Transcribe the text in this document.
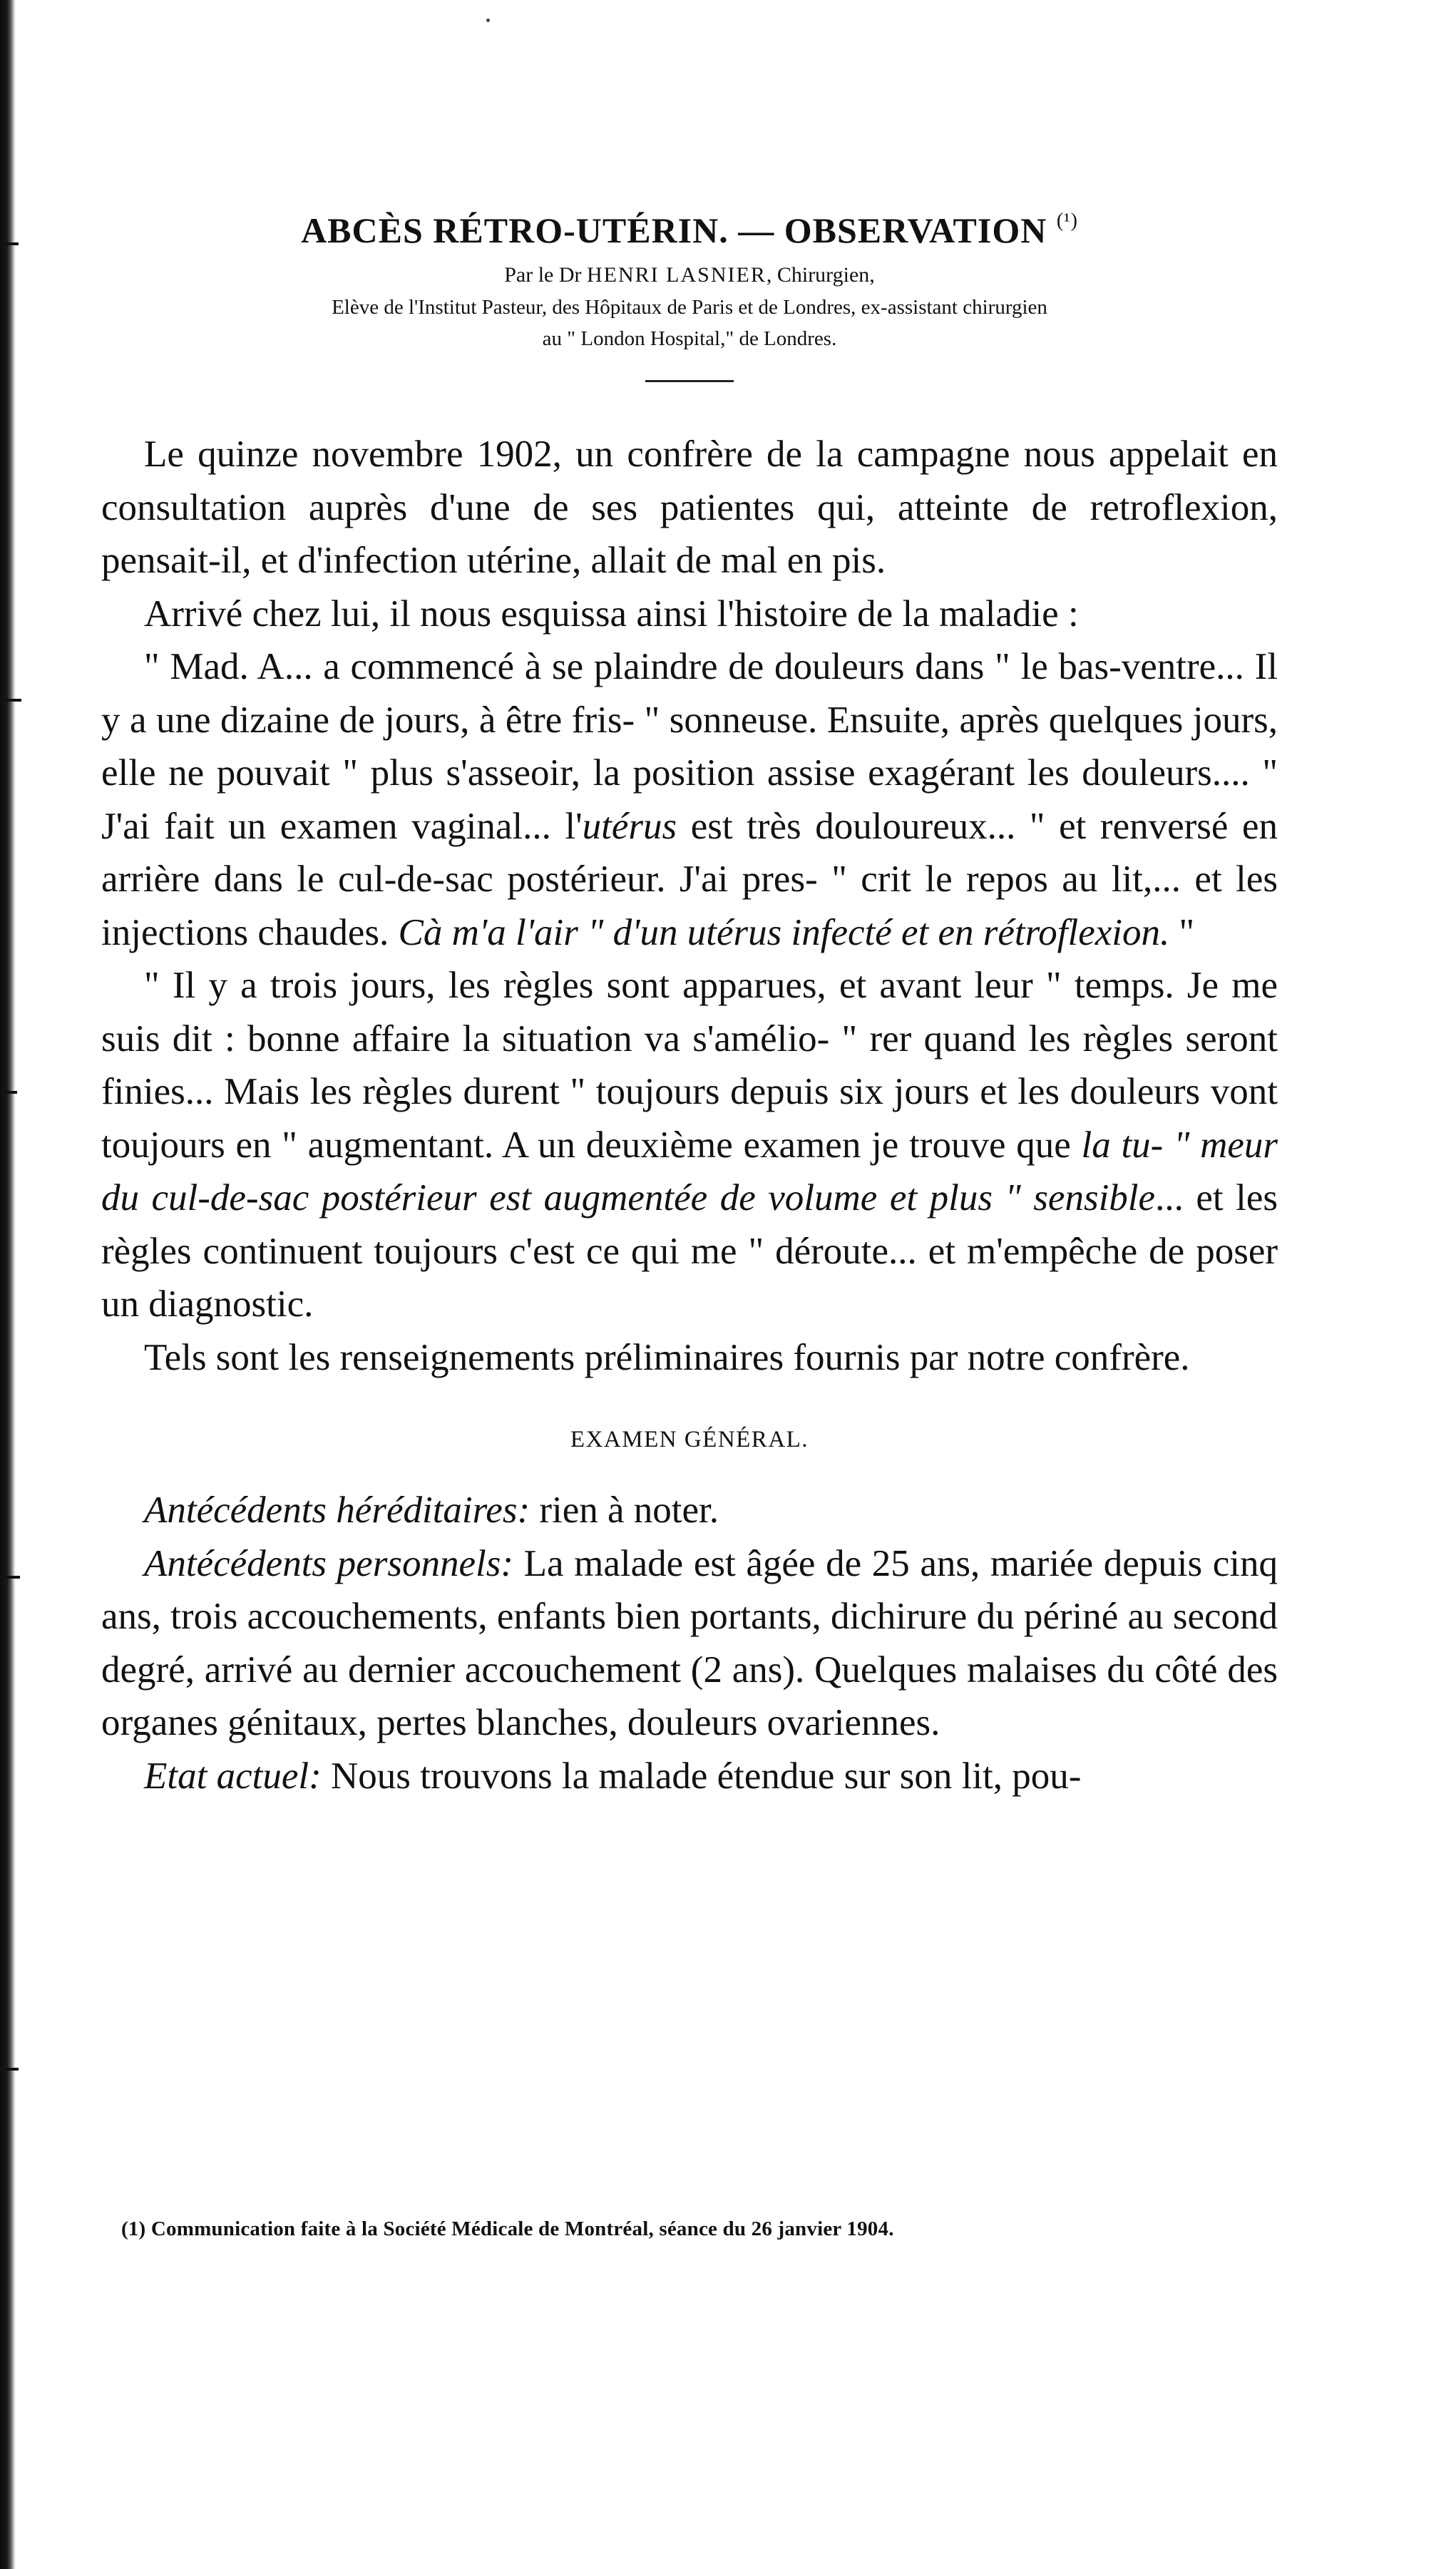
ABCÈS RÉTRO-UTÉRIN. — OBSERVATION $^{(^1)}$

Par le Dr HENRI LASNIER, Chirurgien,

Elève de l'Institut Pasteur, des Hôpitaux de Paris et de Londres, ex-assistant chirurgien
au " London Hospital," de Londres.

Le quinze novembre 1902, un confrère de la campagne nous appelait en consultation auprès d'une de ses patientes qui, atteinte de retroflexion, pensait-il, et d'infection utérine, allait de mal en pis.

Arrivé chez lui, il nous esquissa ainsi l'histoire de la maladie :

" Mad. A... a commencé à se plaindre de douleurs dans " le bas-ventre... Il y a une dizaine de jours, à être fris- " sonneuse. Ensuite, après quelques jours, elle ne pouvait " plus s'asseoir, la position assise exagérant les douleurs.... " J'ai fait un examen vaginal... l'utérus est très douloureux... " et renversé en arrière dans le cul-de-sac postérieur. J'ai pres- " crit le repos au lit,... et les injections chaudes. Cà m'a l'air " d'un utérus infecté et en rétroflexion. "

" Il y a trois jours, les règles sont apparues, et avant leur " temps. Je me suis dit : bonne affaire la situation va s'amélio- " rer quand les règles seront finies... Mais les règles durent " toujours depuis six jours et les douleurs vont toujours en " augmentant. A un deuxième examen je trouve que la tu- " meur du cul-de-sac postérieur est augmentée de volume et plus " sensible... et les règles continuent toujours c'est ce qui me " déroute... et m'empêche de poser un diagnostic.

Tels sont les renseignements préliminaires fournis par notre confrère.

EXAMEN GÉNÉRAL.

Antécédents héréditaires: rien à noter.

Antécédents personnels: La malade est âgée de 25 ans, mariée depuis cinq ans, trois accouchements, enfants bien portants, dichirure du périné au second degré, arrivé au dernier accouchement (2 ans). Quelques malaises du côté des organes génitaux, pertes blanches, douleurs ovariennes.

Etat actuel: Nous trouvons la malade étendue sur son lit, pou-

(1) Communication faite à la Société Médicale de Montréal, séance du 26 janvier 1904.
